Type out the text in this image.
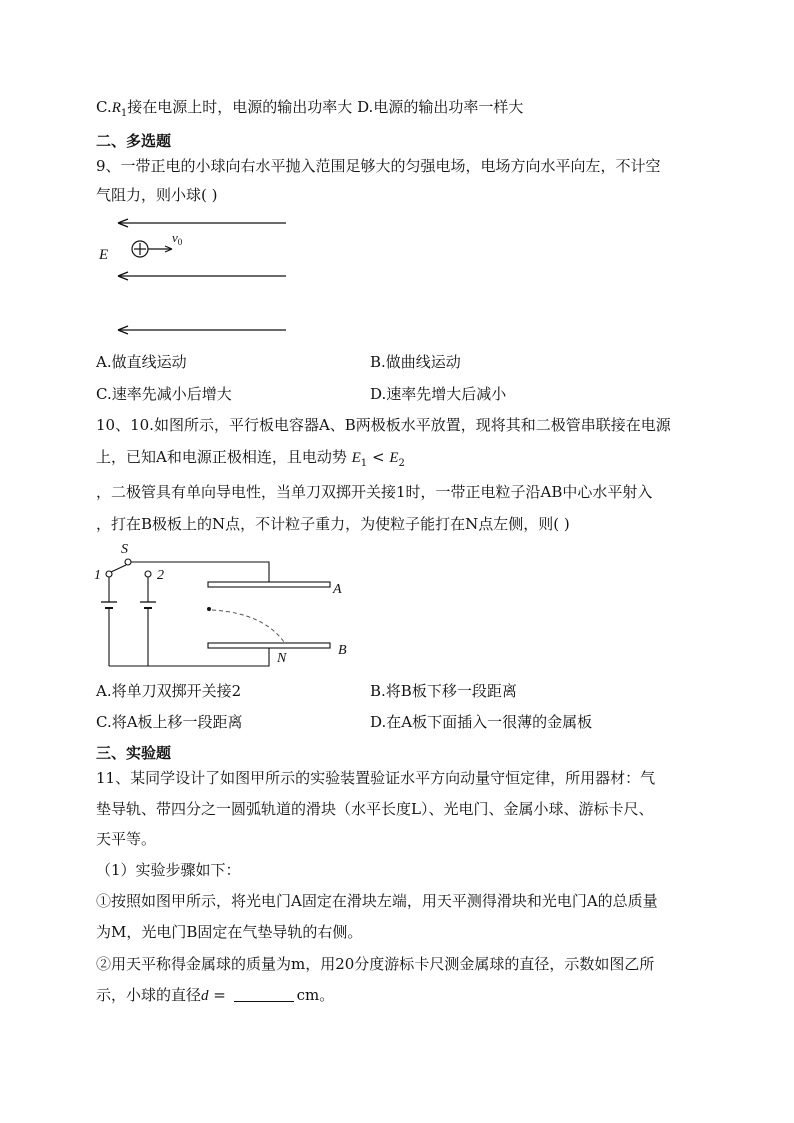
$C.R_1$接在电源上时，电源的输出功率大 D.电源的输出功率一样大
二、多选题
9、一带正电的小球向右水平抛入范围足够大的匀强电场，电场方向水平向左，不计空
气阻力，则小球( )
$v_0$
E
A.做直线运动	B.做曲线运动
C.速率先减小后增大	D.速率先增大后减小
10、10.如图所示，平行板电容器A、B两极板水平放置，现将其和二极管串联接在电源
上，已知A和电源正极相连，且电动势 $E_1 < E_2$
，二极管具有单向导电性，当单刀双掷开关接1时，一带正电粒子沿AB中心水平射入
，打在B极板上的N点，不计粒子重力，为使粒子能打在N点左侧，则( )
S
1	2
A
B
N
A.将单刀双掷开关接2	B.将B板下移一段距离
C.将A板上移一段距离	D.在A板下面插入一很薄的金属板
三、实验题
11、某同学设计了如图甲所示的实验装置验证水平方向动量守恒定律，所用器材：气
垫导轨、带四分之一圆弧轨道的滑块（水平长度L）、光电门、金属小球、游标卡尺、
天平等。
（1）实验步骤如下：
①按照如图甲所示，将光电门A固定在滑块左端，用天平测得滑块和光电门A的总质量
为M，光电门B固定在气垫导轨的右侧。
②用天平称得金属球的质量为m，用20分度游标卡尺测金属球的直径，示数如图乙所
示，小球的直径d =	cm。
